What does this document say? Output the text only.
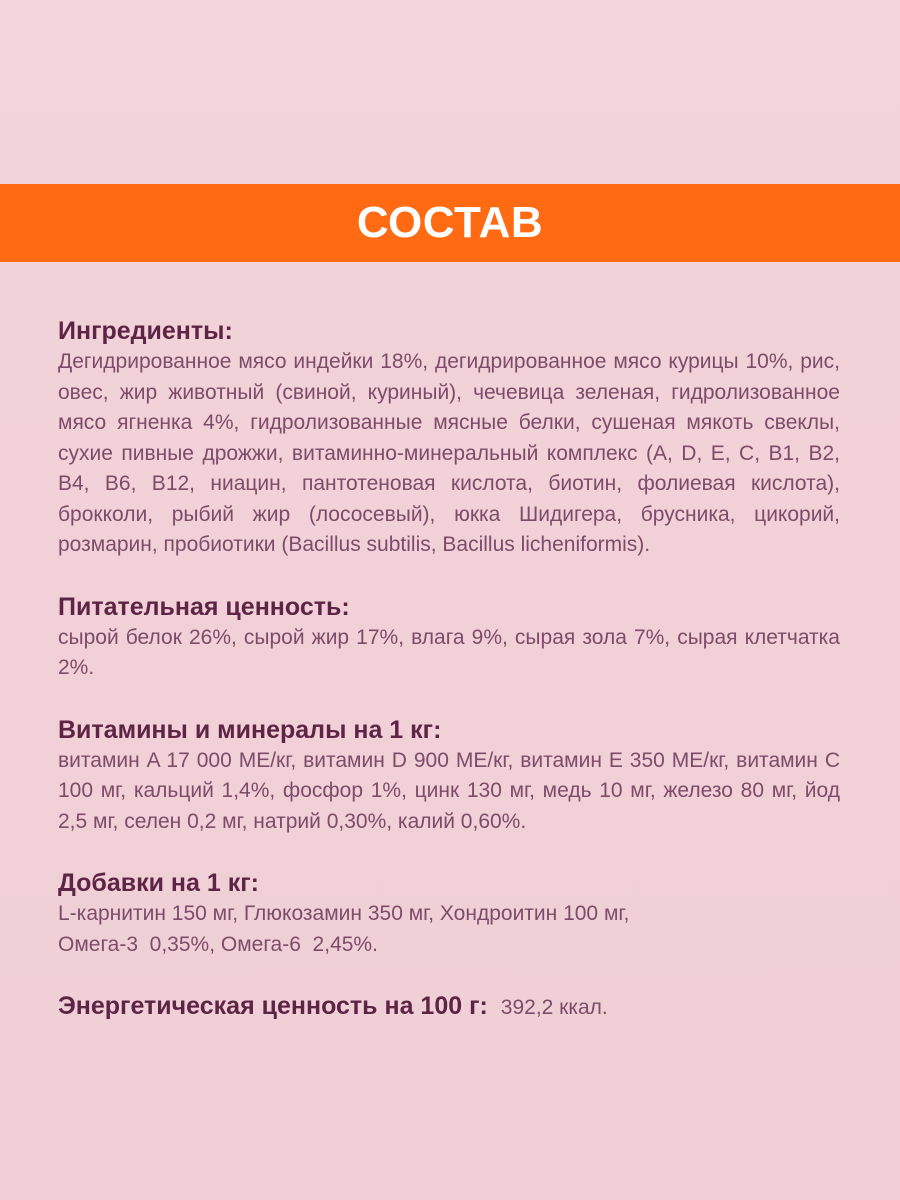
СОСТАВ
Ингредиенты:
Дегидрированное мясо индейки 18%, дегидрированное мясо курицы 10%, рис, овес, жир животный (свиной, куриный), чечевица зеленая, гидролизованное мясо ягненка 4%, гидролизованные мясные белки, сушеная мякоть свеклы, сухие пивные дрожжи, витаминно-минеральный комплекс (A, D, E, C, B1, B2, B4, B6, B12, ниацин, пантотеновая кислота, биотин, фолиевая кислота), брокколи, рыбий жир (лососевый), юкка Шидигера, брусника, цикорий, розмарин, пробиотики (Bacillus subtilis, Bacillus licheniformis).
Питательная ценность:
сырой белок 26%, сырой жир 17%, влага 9%, сырая зола 7%, сырая клетчатка 2%.
Витамины и минералы на 1 кг:
витамин A 17 000 МЕ/кг, витамин D 900 МЕ/кг, витамин E 350 МЕ/кг, витамин C 100 мг, кальций 1,4%, фосфор 1%, цинк 130 мг, медь 10 мг, железо 80 мг, йод 2,5 мг, селен 0,2 мг, натрий 0,30%, калий 0,60%.
Добавки на 1 кг:
L-карнитин 150 мг, Глюкозамин 350 мг, Хондроитин 100 мг,
Омега-3  0,35%, Омега-6  2,45%.
Энергетическая ценность на 100 г: 392,2 ккал.
